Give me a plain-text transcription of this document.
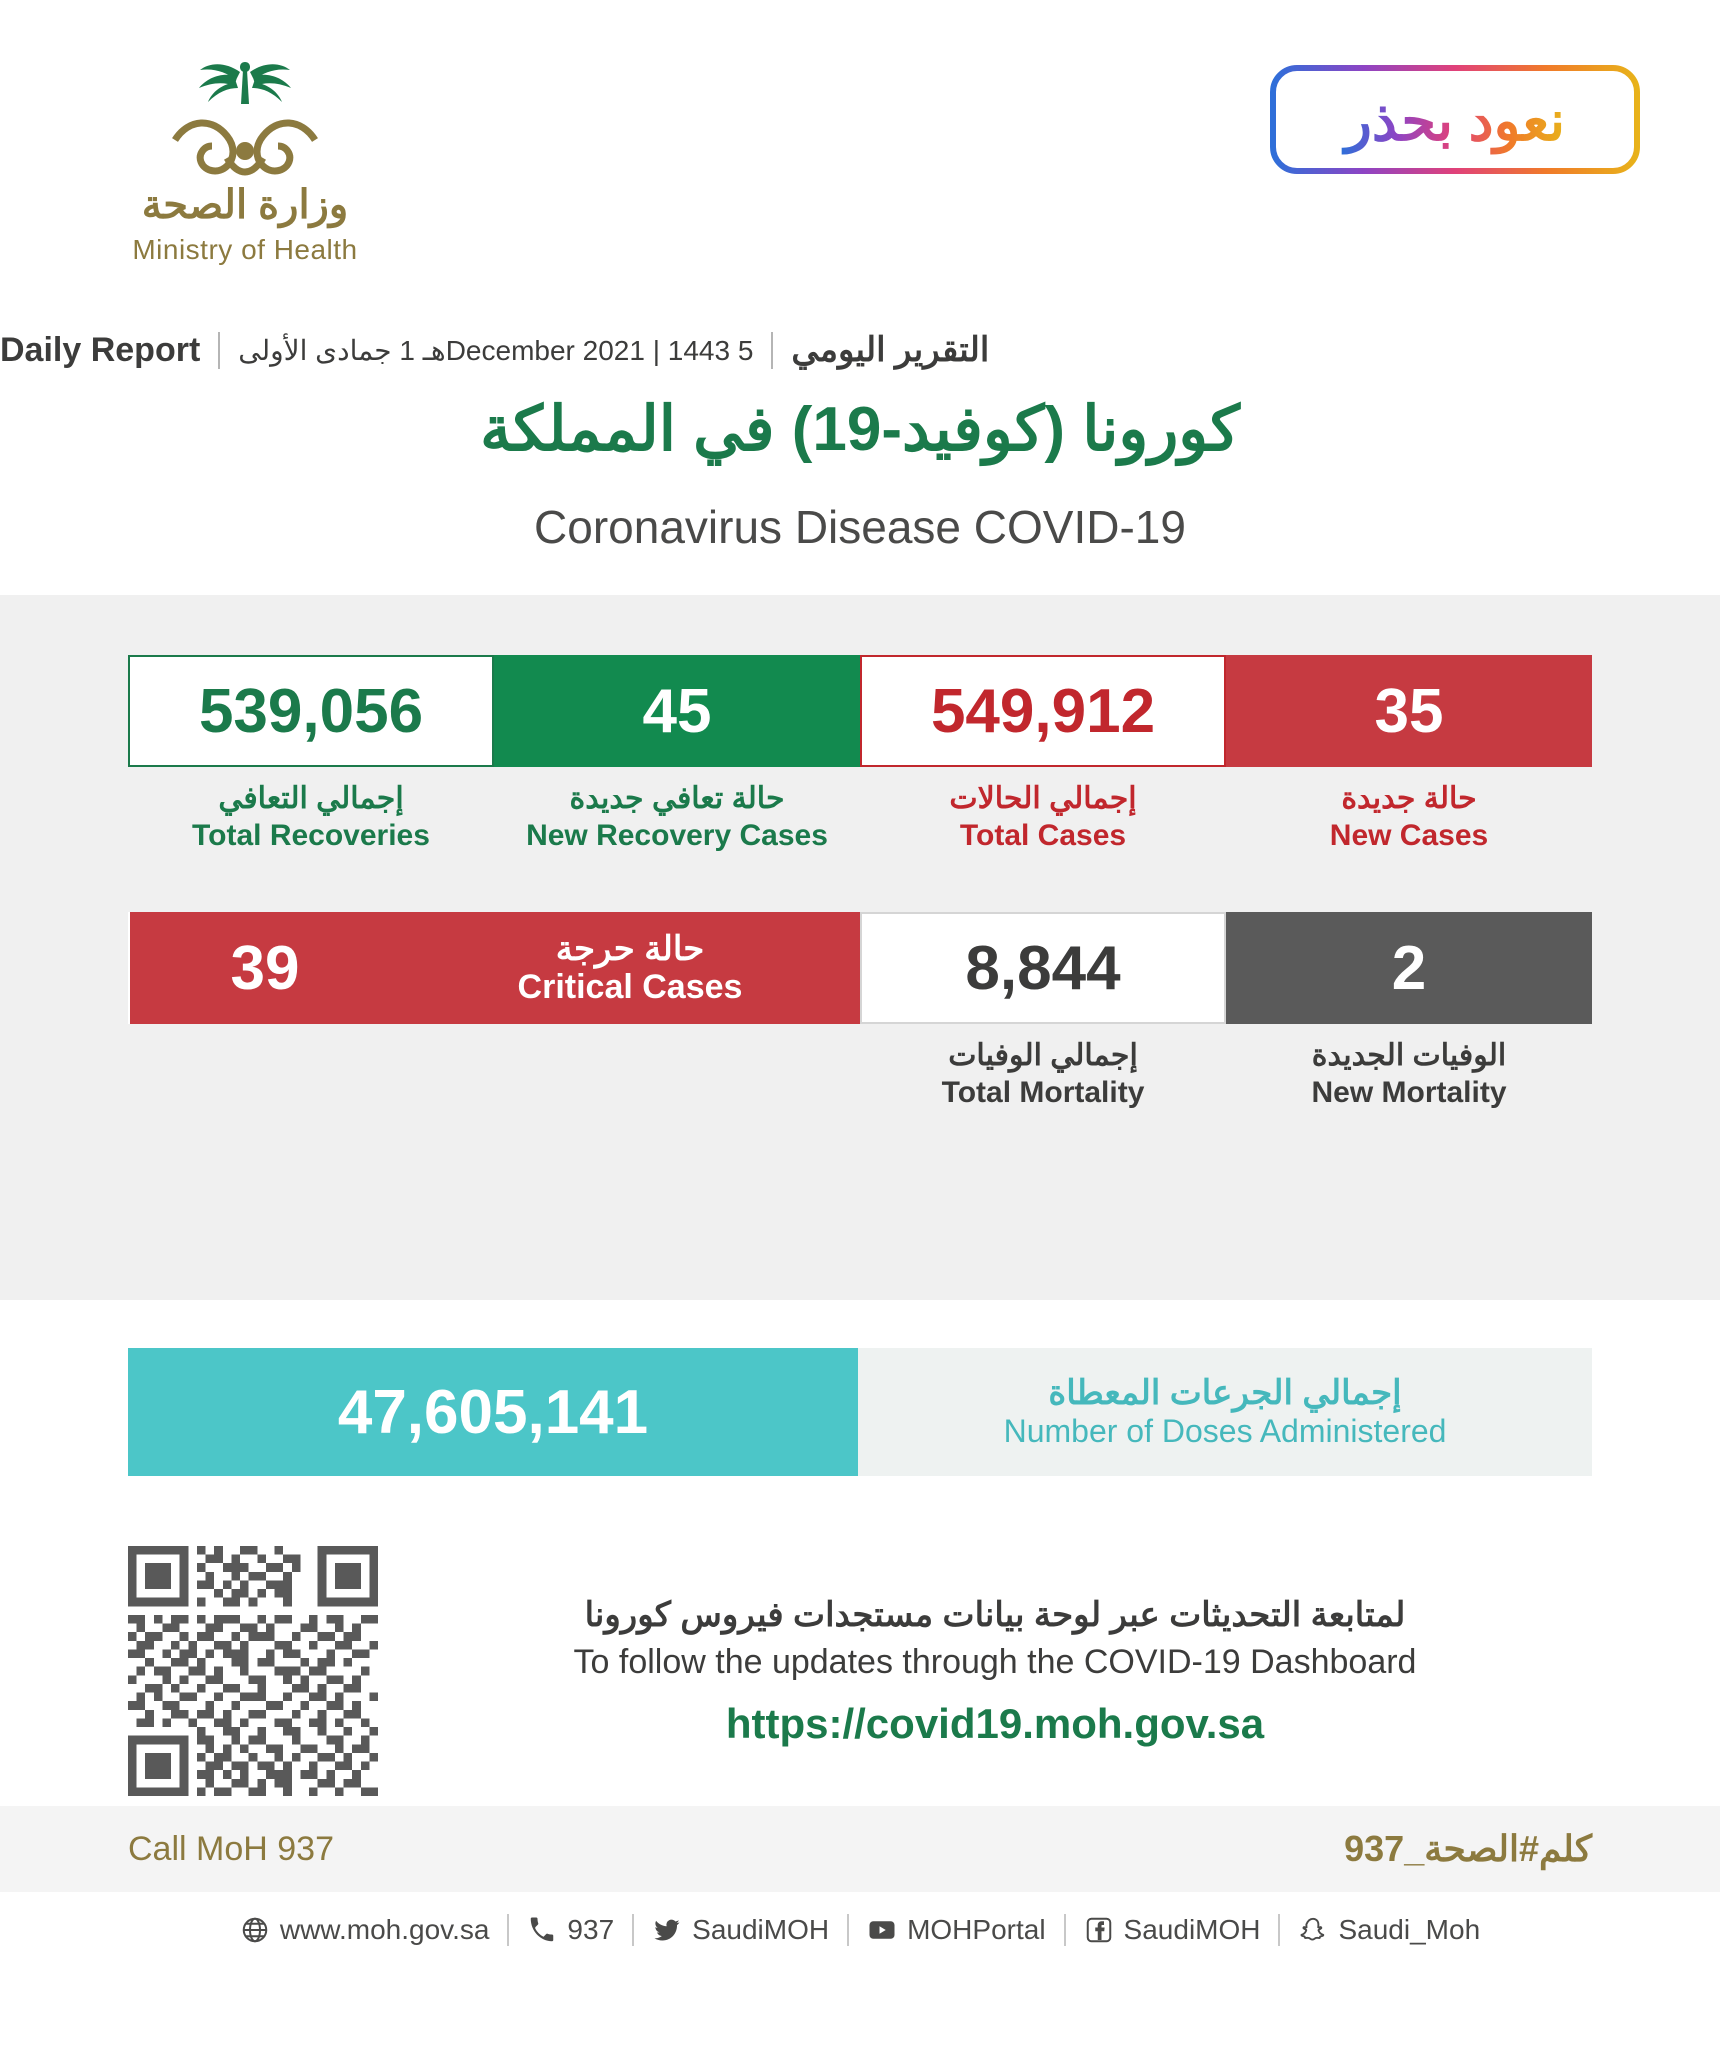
وزارة الصحة
Ministry of Health
نعود بحذر
التقرير اليومي
5 December 2021 | 1443هـ 1 جمادى الأولى
Daily Report
كورونا (كوفيد-19) في المملكة
Coronavirus Disease COVID-19
35
حالة جديدة
New Cases
549,912
إجمالي الحالات
Total Cases
45
حالة تعافي جديدة
New Recovery Cases
539,056
إجمالي التعافي
Total Recoveries
2
الوفيات الجديدة
New Mortality
8,844
إجمالي الوفيات
Total Mortality
حالة حرجة
Critical Cases
39
إجمالي الجرعات المعطاة
Number of Doses Administered
47,605,141
لمتابعة التحديثات عبر لوحة بيانات مستجدات فيروس كورونا
To follow the updates through the COVID-19 Dashboard
https://covid19.moh.gov.sa
Call MoH 937	كلم#الصحة_937
www.moh.gov.sa	937	SaudiMOH	MOHPortal	SaudiMOH	Saudi_Moh
